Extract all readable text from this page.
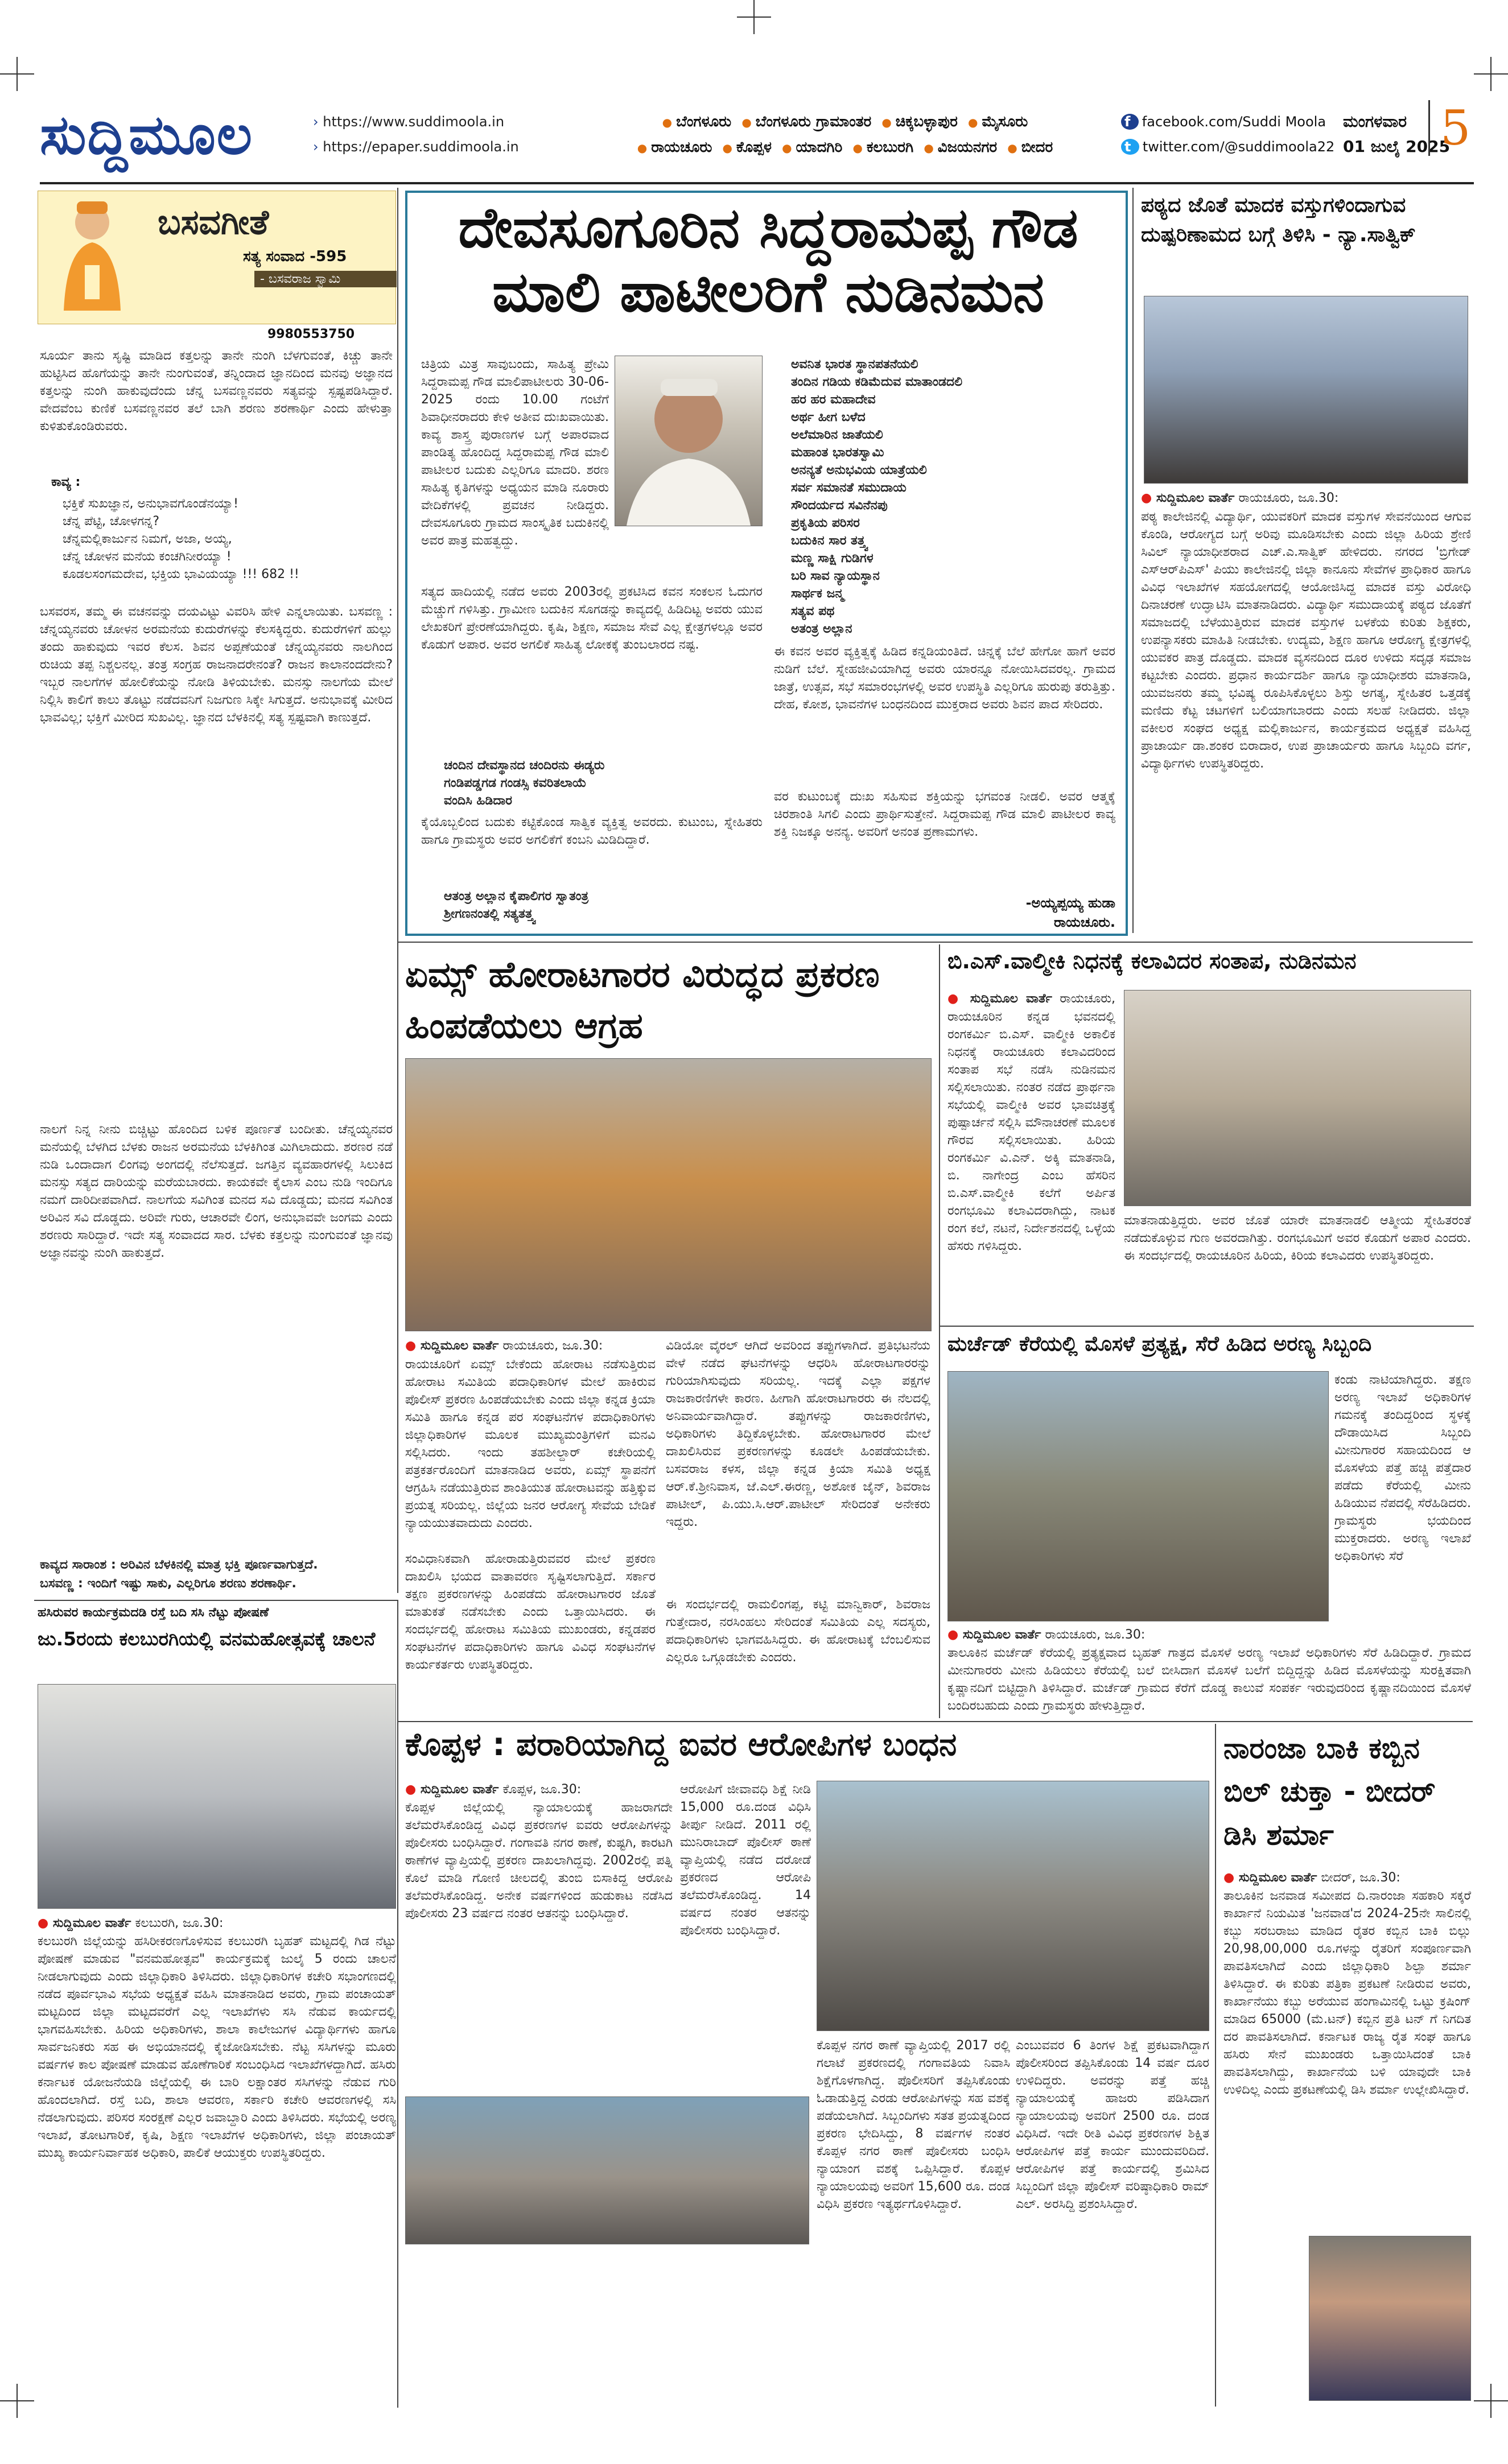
ಸುದ್ದಿಮೂಲ	› https://www.suddimoola.in
› https://epaper.suddimoola.in
● ಬೆಂಗಳೂರು ● ಬೆಂಗಳೂರು ಗ್ರಾಮಾಂತರ ● ಚಿಕ್ಕಬಳ್ಳಾಪುರ ● ಮೈಸೂರು
● ರಾಯಚೂರು ● ಕೊಪ್ಪಳ ● ಯಾದಗಿರಿ ● ಕಲಬುರಗಿ ● ವಿಜಯನಗರ ● ಬೀದರ
f facebook.com/Suddi Moola
t twitter.com/@suddimoola22
ಮಂಗಳವಾರ
01 ಜುಲೈ 2025
5
ಬಸವಗೀತೆ
ಸತ್ಯ ಸಂವಾದ -595
- ಬಸವರಾಜ ಸ್ವಾಮಿ
9980553750
ಸೂರ್ಯ ತಾನು ಸೃಷ್ಟಿ ಮಾಡಿದ ಕತ್ತಲನ್ನು ತಾನೇ ನುಂಗಿ ಬೆಳಗುವಂತೆ, ಕಿಚ್ಚು ತಾನೇ ಹುಟ್ಟಿಸಿದ ಹೊಗೆಯನ್ನು ತಾನೇ ನುಂಗುವಂತೆ, ತನ್ನಿಂದಾದ ಜ್ಞಾನದಿಂದ ಮನವು ಅಜ್ಞಾನದ ಕತ್ತಲನ್ನು ನುಂಗಿ ಹಾಕುವುದೆಂದು ಚೆನ್ನ ಬಸವಣ್ಣನವರು ಸತ್ಯವನ್ನು ಸ್ಪಷ್ಟಪಡಿಸಿದ್ದಾರೆ. ವೇದವೆಂಬ ಕುಣಿಕೆ ಬಸವಣ್ಣನವರ ತಲೆ ಬಾಗಿ ಶರಣು ಶರಣಾರ್ಥಿ ಎಂದು ಹೇಳುತ್ತಾ ಕುಳಿತುಕೊಂಡಿರುವರು.
ಕಾವ್ಯ :
ಭಕ್ತಿಕೆ ಸುಖಜ್ಞಾನ, ಅನುಭಾವಗೊಂಡೆನಯ್ಯಾ!
ಚೆನ್ನ ಪೆಟ್ಟಿ, ಚೋಳಗನ್ನ?
ಚೆನ್ನಮಲ್ಲಿಕಾರ್ಜುನ ನಿಮಗೆ, ಅಜಾ, ಅಯ್ಯ,
ಚೆನ್ನ ಚೋಳನ ಮನೆಯ ಕಂಚಗಿನೀರಯ್ಯಾ !
ಕೂಡಲಸಂಗಮದೇವ, ಭಕ್ತಿಯ ಭಾವಿಯಯ್ಯಾ !!! 682 !!
ಬಸವರಸ, ತಮ್ಮ ಈ ವಚನವನ್ನು ದಯವಿಟ್ಟು ವಿವರಿಸಿ ಹೇಳಿ ಎನ್ನಲಾಯಿತು. ಬಸವಣ್ಣ : ಚೆನ್ನಯ್ಯನವರು ಚೋಳನ ಅರಮನೆಯ ಕುದುರೆಗಳನ್ನು ಕೆಲಸಕ್ಕಿದ್ದರು. ಕುದುರೆಗಳಿಗೆ ಹುಲ್ಲು ತಂದು ಹಾಕುವುದು ಇವರ ಕೆಲಸ. ಶಿವನ ಅಪ್ಪಣೆಯಂತೆ ಚೆನ್ನಯ್ಯನವರು ನಾಲಗಿಂದ ರುಚಿಯ ತಪ್ಪ ನಿಶ್ಚಲನಲ್ಲ. ತಂತ್ರ ಸಂಗ್ರಹ ರಾಜನಾದರೇನಂತೆ? ರಾಜನ ಕಾಲಾನಂದದೇನು? ಇಬ್ಬರ ನಾಲಗೆಗಳ ಹೋಲಿಕೆಯನ್ನು ನೋಡಿ ತಿಳಿಯಬೇಕು. ಮನಸ್ಸು ನಾಲಗೆಯ ಮೇಲೆ ನಿಲ್ಲಿಸಿ ಕಾಲಿಗೆ ಕಾಲು ತೊಟ್ಟು ನಡೆದವನಿಗೆ ನಿಜಗುಣ ಸಿಕ್ಕೇ ಸಿಗುತ್ತದೆ. ಅನುಭಾವಕ್ಕೆ ಮೀರಿದ ಭಾವವಿಲ್ಲ; ಭಕ್ತಿಗೆ ಮೀರಿದ ಸುಖವಿಲ್ಲ. ಜ್ಞಾನದ ಬೆಳಕಿನಲ್ಲಿ ಸತ್ಯ ಸ್ಪಷ್ಟವಾಗಿ ಕಾಣುತ್ತದೆ.
ನಾಲಗೆ ನಿನ್ನ ನೀನು ಬಿಚ್ಚಿಟ್ಟು ಹೊಂದಿದ ಬಳಿಕ ಪೂರ್ಣತೆ ಬಂದೀತು. ಚೆನ್ನಯ್ಯನವರ ಮನೆಯಲ್ಲಿ ಬೆಳಗಿದ ಬೆಳಕು ರಾಜನ ಅರಮನೆಯ ಬೆಳಕಿಗಿಂತ ಮಿಗಿಲಾದುದು. ಶರಣರ ನಡೆ ನುಡಿ ಒಂದಾದಾಗ ಲಿಂಗವು ಅಂಗದಲ್ಲಿ ನೆಲೆಸುತ್ತದೆ. ಜಗತ್ತಿನ ವ್ಯವಹಾರಗಳಲ್ಲಿ ಸಿಲುಕಿದ ಮನಸ್ಸು ಸತ್ಯದ ದಾರಿಯನ್ನು ಮರೆಯಬಾರದು. ಕಾಯಕವೇ ಕೈಲಾಸ ಎಂಬ ನುಡಿ ಇಂದಿಗೂ ನಮಗೆ ದಾರಿದೀಪವಾಗಿದೆ. ನಾಲಗೆಯ ಸವಿಗಿಂತ ಮನದ ಸವಿ ದೊಡ್ಡದು; ಮನದ ಸವಿಗಿಂತ ಅರಿವಿನ ಸವಿ ದೊಡ್ಡದು. ಅರಿವೇ ಗುರು, ಆಚಾರವೇ ಲಿಂಗ, ಅನುಭಾವವೇ ಜಂಗಮ ಎಂದು ಶರಣರು ಸಾರಿದ್ದಾರೆ. ಇದೇ ಸತ್ಯ ಸಂವಾದದ ಸಾರ. ಬೆಳಕು ಕತ್ತಲನ್ನು ನುಂಗುವಂತೆ ಜ್ಞಾನವು ಅಜ್ಞಾನವನ್ನು ನುಂಗಿ ಹಾಕುತ್ತದೆ.
ಕಾವ್ಯದ ಸಾರಾಂಶ : ಅರಿವಿನ ಬೆಳಕಿನಲ್ಲಿ ಮಾತ್ರ ಭಕ್ತಿ ಪೂರ್ಣವಾಗುತ್ತದೆ.
ಬಸವಣ್ಣ : ಇಂದಿಗೆ ಇಷ್ಟು ಸಾಕು, ಎಲ್ಲರಿಗೂ ಶರಣು ಶರಣಾರ್ಥಿ.
ದೇವಸೂಗೂರಿನ ಸಿದ್ದರಾಮಪ್ಪ ಗೌಡ ಮಾಲಿ ಪಾಟೀಲರಿಗೆ ನುಡಿನಮನ
ಚಿತ್ರಿಯ ಮಿತ್ರ ಸಾವುಬಂದು, ಸಾಹಿತ್ಯ ಪ್ರೇಮಿ ಸಿದ್ದರಾಮಪ್ಪ ಗೌಡ ಮಾಲಿಪಾಟೀಲರು 30-06-2025 ರಂದು 10.00 ಗಂಟೆಗೆ ಶಿವಾಧೀನರಾದರು ಕೇಳಿ ಅತೀವ ದುಃಖವಾಯಿತು. ಕಾವ್ಯ ಶಾಸ್ತ್ರ ಪುರಾಣಗಳ ಬಗ್ಗೆ ಅಪಾರವಾದ ಪಾಂಡಿತ್ಯ ಹೊಂದಿದ್ದ ಸಿದ್ದರಾಮಪ್ಪ ಗೌಡ ಮಾಲಿ ಪಾಟೀಲರ ಬದುಕು ಎಲ್ಲರಿಗೂ ಮಾದರಿ. ಶರಣ ಸಾಹಿತ್ಯ ಕೃತಿಗಳನ್ನು ಅಧ್ಯಯನ ಮಾಡಿ ನೂರಾರು ವೇದಿಕೆಗಳಲ್ಲಿ ಪ್ರವಚನ ನೀಡಿದ್ದರು. ದೇವಸೂಗೂರು ಗ್ರಾಮದ ಸಾಂಸ್ಕೃತಿಕ ಬದುಕಿನಲ್ಲಿ ಅವರ ಪಾತ್ರ ಮಹತ್ವದ್ದು.
ಸತ್ಯದ ಹಾದಿಯಲ್ಲಿ ನಡೆದ ಅವರು 2003ರಲ್ಲಿ ಪ್ರಕಟಿಸಿದ ಕವನ ಸಂಕಲನ ಓದುಗರ ಮೆಚ್ಚುಗೆ ಗಳಿಸಿತ್ತು. ಗ್ರಾಮೀಣ ಬದುಕಿನ ಸೊಗಡನ್ನು ಕಾವ್ಯದಲ್ಲಿ ಹಿಡಿದಿಟ್ಟ ಅವರು ಯುವ ಲೇಖಕರಿಗೆ ಪ್ರೇರಣೆಯಾಗಿದ್ದರು. ಕೃಷಿ, ಶಿಕ್ಷಣ, ಸಮಾಜ ಸೇವೆ ಎಲ್ಲ ಕ್ಷೇತ್ರಗಳಲ್ಲೂ ಅವರ ಕೊಡುಗೆ ಅಪಾರ. ಅವರ ಅಗಲಿಕೆ ಸಾಹಿತ್ಯ ಲೋಕಕ್ಕೆ ತುಂಬಲಾರದ ನಷ್ಟ.
ಚಂದಿನ ದೇವಸ್ಥಾನದ ಚಂದಿರನು ಈಡ್ಯರು
ಗಂಡಿಪಡ್ಡಗಡ ಗಂಡಸ್ಸಿ ಕವರಿತಲಾಯೆ
ವಂದಿಸಿ ಹಿಡಿದಾರ
ಕೈಯೊಬ್ಬಲಿಂದ ಬದುಕು ಕಟ್ಟಿಕೊಂಡ ಸಾತ್ವಿಕ ವ್ಯಕ್ತಿತ್ವ ಅವರದು. ಕುಟುಂಬ, ಸ್ನೇಹಿತರು ಹಾಗೂ ಗ್ರಾಮಸ್ಥರು ಅವರ ಅಗಲಿಕೆಗೆ ಕಂಬನಿ ಮಿಡಿದಿದ್ದಾರೆ.
ಆತಂತ್ರ ಅಲ್ಲಾನ ಕೈಪಾಲಿಗರ ಸ್ವಾತಂತ್ರ
ಶ್ರೀಗಣನಂತಲ್ಲಿ ಸತ್ಯತತ್ತ್ವ
ಅವನಿತ ಭಾರತ ಸ್ಥಾನಪತನೆಯಲಿ
ತಂದಿನ ಗಡಿಯ ಕಡಿಮೆದುವ ಮಾತಾಂಡದಲಿ
ಹರ ಹರ ಮಹಾದೇವ
ಅರ್ಥ ಹೀಗ ಬಳೆದ
ಅಲೆಮಾರಿನ ಜಾತೆಯಲಿ
ಮಹಾಂತ ಭಾರತಸ್ವಾಮಿ
ಅನನ್ಯತೆ ಅನುಭವಿಯ ಯಾತ್ರೆಯಲಿ
ಸರ್ವ ಸಮಾನತೆ ಸಮುದಾಯ
ಸೌಂದರ್ಯದ ಸವಿನೆನಪು
ಪ್ರಕೃತಿಯ ಪರಿಸರ
ಬದುಕಿನ ಸಾರ ತತ್ತ್ವ
ಮಣ್ಣ ಸಾಕ್ಷಿ ಗುಡಿಗಳ
ಬರಿ ಸಾವ ನ್ಯಾಯಸ್ಥಾನ
ಸಾರ್ಥಕ ಜನ್ಮ
ಸತ್ಯವ ಪಥ
ಅತಂತ್ರ ಅಲ್ಲಾನ
ಈ ಕವನ ಅವರ ವ್ಯಕ್ತಿತ್ವಕ್ಕೆ ಹಿಡಿದ ಕನ್ನಡಿಯಂತಿದೆ. ಚಿನ್ನಕ್ಕೆ ಬೆಲೆ ಹೇಗೋ ಹಾಗೆ ಅವರ ನುಡಿಗೆ ಬೆಲೆ. ಸ್ನೇಹಜೀವಿಯಾಗಿದ್ದ ಅವರು ಯಾರನ್ನೂ ನೋಯಿಸಿದವರಲ್ಲ. ಗ್ರಾಮದ ಜಾತ್ರೆ, ಉತ್ಸವ, ಸಭೆ ಸಮಾರಂಭಗಳಲ್ಲಿ ಅವರ ಉಪಸ್ಥಿತಿ ಎಲ್ಲರಿಗೂ ಹುರುಪು ತರುತ್ತಿತ್ತು. ದೇಹ, ಕೋಶ, ಭಾವನೆಗಳ ಬಂಧನದಿಂದ ಮುಕ್ತರಾದ ಅವರು ಶಿವನ ಪಾದ ಸೇರಿದರು.
ವರ ಕುಟುಂಬಕ್ಕೆ ದುಃಖ ಸಹಿಸುವ ಶಕ್ತಿಯನ್ನು ಭಗವಂತ ನೀಡಲಿ. ಅವರ ಆತ್ಮಕ್ಕೆ ಚಿರಶಾಂತಿ ಸಿಗಲಿ ಎಂದು ಪ್ರಾರ್ಥಿಸುತ್ತೇನೆ. ಸಿದ್ದರಾಮಪ್ಪ ಗೌಡ ಮಾಲಿ ಪಾಟೀಲರ ಕಾವ್ಯ ಶಕ್ತಿ ನಿಜಕ್ಕೂ ಅನನ್ಯ. ಅವರಿಗೆ ಅನಂತ ಪ್ರಣಾಮಗಳು.
-ಅಯ್ಯಪ್ಪಯ್ಯ ಹುಡಾ
ರಾಯಚೂರು.
ಪಠ್ಯದ ಜೊತೆ ಮಾದಕ ವಸ್ತುಗಳಿಂದಾಗುವ ದುಷ್ಪರಿಣಾಮದ ಬಗ್ಗೆ ತಿಳಿಸಿ - ನ್ಯಾ.ಸಾತ್ವಿಕ್
● ಸುದ್ದಿಮೂಲ ವಾರ್ತೆ ರಾಯಚೂರು, ಜೂ.30:
ಪಠ್ಯ ಕಾಲೇಜಿನಲ್ಲಿ ವಿದ್ಯಾರ್ಥಿ, ಯುವಕರಿಗೆ ಮಾದಕ ವಸ್ತುಗಳ ಸೇವನೆಯಿಂದ ಆಗುವ ಕೊಂಡಿ, ಆರೋಗ್ಯದ ಬಗ್ಗೆ ಅರಿವು ಮೂಡಿಸಬೇಕು ಎಂದು ಜಿಲ್ಲಾ ಹಿರಿಯ ಶ್ರೇಣಿ ಸಿವಿಲ್ ನ್ಯಾಯಾಧೀಶರಾದ ಎಚ್.ಎ.ಸಾತ್ವಿಕ್ ಹೇಳಿದರು. ನಗರದ 'ಬ್ರಿಗೇಡ್ ಎಸ್‌ಆರ್‌ಪಿಎಸ್' ಪಿಯು ಕಾಲೇಜಿನಲ್ಲಿ ಜಿಲ್ಲಾ ಕಾನೂನು ಸೇವೆಗಳ ಪ್ರಾಧಿಕಾರ ಹಾಗೂ ವಿವಿಧ ಇಲಾಖೆಗಳ ಸಹಯೋಗದಲ್ಲಿ ಆಯೋಜಿಸಿದ್ದ ಮಾದಕ ವಸ್ತು ವಿರೋಧಿ ದಿನಾಚರಣೆ ಉದ್ಘಾಟಿಸಿ ಮಾತನಾಡಿದರು. ವಿದ್ಯಾರ್ಥಿ ಸಮುದಾಯಕ್ಕೆ ಪಠ್ಯದ ಜೊತೆಗೆ ಸಮಾಜದಲ್ಲಿ ಬೆಳೆಯುತ್ತಿರುವ ಮಾದಕ ವಸ್ತುಗಳ ಬಳಕೆಯ ಕುರಿತು ಶಿಕ್ಷಕರು, ಉಪನ್ಯಾಸಕರು ಮಾಹಿತಿ ನೀಡಬೇಕು. ಉದ್ಯಮ, ಶಿಕ್ಷಣ ಹಾಗೂ ಆರೋಗ್ಯ ಕ್ಷೇತ್ರಗಳಲ್ಲಿ ಯುವಕರ ಪಾತ್ರ ದೊಡ್ಡದು. ಮಾದಕ ವ್ಯಸನದಿಂದ ದೂರ ಉಳಿದು ಸದೃಢ ಸಮಾಜ ಕಟ್ಟಬೇಕು ಎಂದರು. ಪ್ರಧಾನ ಕಾರ್ಯದರ್ಶಿ ಹಾಗೂ ನ್ಯಾಯಾಧೀಶರು ಮಾತನಾಡಿ, ಯುವಜನರು ತಮ್ಮ ಭವಿಷ್ಯ ರೂಪಿಸಿಕೊಳ್ಳಲು ಶಿಸ್ತು ಅಗತ್ಯ, ಸ್ನೇಹಿತರ ಒತ್ತಡಕ್ಕೆ ಮಣಿದು ಕೆಟ್ಟ ಚಟಗಳಿಗೆ ಬಲಿಯಾಗಬಾರದು ಎಂದು ಸಲಹೆ ನೀಡಿದರು. ಜಿಲ್ಲಾ ವಕೀಲರ ಸಂಘದ ಅಧ್ಯಕ್ಷ ಮಲ್ಲಿಕಾರ್ಜುನ, ಕಾರ್ಯಕ್ರಮದ ಅಧ್ಯಕ್ಷತೆ ವಹಿಸಿದ್ದ ಪ್ರಾಚಾರ್ಯ ಡಾ.ಶಂಕರ ಬಿರಾದಾರ, ಉಪ ಪ್ರಾಚಾರ್ಯರು ಹಾಗೂ ಸಿಬ್ಬಂದಿ ವರ್ಗ, ವಿದ್ಯಾರ್ಥಿಗಳು ಉಪಸ್ಥಿತರಿದ್ದರು.
ಏಮ್ಸ್ ಹೋರಾಟಗಾರರ ವಿರುದ್ಧದ ಪ್ರಕರಣ ಹಿಂಪಡೆಯಲು ಆಗ್ರಹ
● ಸುದ್ದಿಮೂಲ ವಾರ್ತೆ ರಾಯಚೂರು, ಜೂ.30:
ರಾಯಚೂರಿಗೆ ಏಮ್ಸ್ ಬೇಕೆಂದು ಹೋರಾಟ ನಡೆಸುತ್ತಿರುವ ಹೋರಾಟ ಸಮಿತಿಯ ಪದಾಧಿಕಾರಿಗಳ ಮೇಲೆ ಹಾಕಿರುವ ಪೊಲೀಸ್ ಪ್ರಕರಣ ಹಿಂಪಡೆಯಬೇಕು ಎಂದು ಜಿಲ್ಲಾ ಕನ್ನಡ ಕ್ರಿಯಾ ಸಮಿತಿ ಹಾಗೂ ಕನ್ನಡ ಪರ ಸಂಘಟನೆಗಳ ಪದಾಧಿಕಾರಿಗಳು ಜಿಲ್ಲಾಧಿಕಾರಿಗಳ ಮೂಲಕ ಮುಖ್ಯಮಂತ್ರಿಗಳಿಗೆ ಮನವಿ ಸಲ್ಲಿಸಿದರು. ಇಂದು ತಹಶೀಲ್ದಾರ್ ಕಚೇರಿಯಲ್ಲಿ ಪತ್ರಕರ್ತರೊಂದಿಗೆ ಮಾತನಾಡಿದ ಅವರು, ಏಮ್ಸ್ ಸ್ಥಾಪನೆಗೆ ಆಗ್ರಹಿಸಿ ನಡೆಯುತ್ತಿರುವ ಶಾಂತಿಯುತ ಹೋರಾಟವನ್ನು ಹತ್ತಿಕ್ಕುವ ಪ್ರಯತ್ನ ಸರಿಯಲ್ಲ. ಜಿಲ್ಲೆಯ ಜನರ ಆರೋಗ್ಯ ಸೇವೆಯ ಬೇಡಿಕೆ ನ್ಯಾಯಯುತವಾದುದು ಎಂದರು.
ಸಂವಿಧಾನಿಕವಾಗಿ ಹೋರಾಡುತ್ತಿರುವವರ ಮೇಲೆ ಪ್ರಕರಣ ದಾಖಲಿಸಿ ಭಯದ ವಾತಾವರಣ ಸೃಷ್ಟಿಸಲಾಗುತ್ತಿದೆ. ಸರ್ಕಾರ ತಕ್ಷಣ ಪ್ರಕರಣಗಳನ್ನು ಹಿಂಪಡೆದು ಹೋರಾಟಗಾರರ ಜೊತೆ ಮಾತುಕತೆ ನಡೆಸಬೇಕು ಎಂದು ಒತ್ತಾಯಿಸಿದರು. ಈ ಸಂದರ್ಭದಲ್ಲಿ ಹೋರಾಟ ಸಮಿತಿಯ ಮುಖಂಡರು, ಕನ್ನಡಪರ ಸಂಘಟನೆಗಳ ಪದಾಧಿಕಾರಿಗಳು ಹಾಗೂ ವಿವಿಧ ಸಂಘಟನೆಗಳ ಕಾರ್ಯಕರ್ತರು ಉಪಸ್ಥಿತರಿದ್ದರು.
ವಿಡಿಯೋ ವೈರಲ್ ಆಗಿದೆ ಅವರಿಂದ ತಪ್ಪುಗಳಾಗಿದೆ. ಪ್ರತಿಭಟನೆಯ ವೇಳೆ ನಡೆದ ಘಟನೆಗಳನ್ನು ಆಧರಿಸಿ ಹೋರಾಟಗಾರರನ್ನು ಗುರಿಯಾಗಿಸುವುದು ಸರಿಯಲ್ಲ. ಇದಕ್ಕೆ ಎಲ್ಲಾ ಪಕ್ಷಗಳ ರಾಜಕಾರಣಿಗಳೇ ಕಾರಣ. ಹೀಗಾಗಿ ಹೋರಾಟಗಾರರು ಈ ನೆಲದಲ್ಲಿ ಅನಿವಾರ್ಯವಾಗಿದ್ದಾರೆ. ತಪ್ಪುಗಳನ್ನು ರಾಜಕಾರಣಿಗಳು, ಅಧಿಕಾರಿಗಳು ತಿದ್ದಿಕೊಳ್ಳಬೇಕು. ಹೋರಾಟಗಾರರ ಮೇಲೆ ದಾಖಲಿಸಿರುವ ಪ್ರಕರಣಗಳನ್ನು ಕೂಡಲೇ ಹಿಂಪಡೆಯಬೇಕು. ಬಸವರಾಜ ಕಳಸ, ಜಿಲ್ಲಾ ಕನ್ನಡ ಕ್ರಿಯಾ ಸಮಿತಿ ಅಧ್ಯಕ್ಷ ಆರ್.ಕೆ.ಶ್ರೀನಿವಾಸ, ಜೆ.ಎಲ್.ಈರಣ್ಣ, ಅಶೋಕ ಜೈನ್, ಶಿವರಾಜ ಪಾಟೀಲ್, ಪಿ.ಯು.ಸಿ.ಆರ್.ಪಾಟೀಲ್ ಸೇರಿದಂತೆ ಅನೇಕರು ಇದ್ದರು.
ಈ ಸಂದರ್ಭದಲ್ಲಿ ರಾಮಲಿಂಗಪ್ಪ, ಕಟ್ಟಿ ಮಾನ್ವಿಕಾರ್, ಶಿವರಾಜ ಗುತ್ತೇದಾರ, ನರಸಿಂಹಲು ಸೇರಿದಂತೆ ಸಮಿತಿಯ ಎಲ್ಲ ಸದಸ್ಯರು, ಪದಾಧಿಕಾರಿಗಳು ಭಾಗವಹಿಸಿದ್ದರು. ಈ ಹೋರಾಟಕ್ಕೆ ಬೆಂಬಲಿಸುವ ಎಲ್ಲರೂ ಒಗ್ಗೂಡಬೇಕು ಎಂದರು.
ಬಿ.ಎಸ್.ವಾಲ್ಮೀಕಿ ನಿಧನಕ್ಕೆ ಕಲಾವಿದರ ಸಂತಾಪ, ನುಡಿನಮನ
● ಸುದ್ದಿಮೂಲ ವಾರ್ತೆ ರಾಯಚೂರು,
ರಾಯಚೂರಿನ ಕನ್ನಡ ಭವನದಲ್ಲಿ ರಂಗಕರ್ಮಿ ಬಿ.ಎಸ್. ವಾಲ್ಮೀಕಿ ಅಕಾಲಿಕ ನಿಧನಕ್ಕೆ ರಾಯಚೂರು ಕಲಾವಿದರಿಂದ ಸಂತಾಪ ಸಭೆ ನಡೆಸಿ ನುಡಿನಮನ ಸಲ್ಲಿಸಲಾಯಿತು. ನಂತರ ನಡೆದ ಪ್ರಾರ್ಥನಾ ಸಭೆಯಲ್ಲಿ ವಾಲ್ಮೀಕಿ ಅವರ ಭಾವಚಿತ್ರಕ್ಕೆ ಪುಷ್ಪಾರ್ಚನೆ ಸಲ್ಲಿಸಿ ಮೌನಾಚರಣೆ ಮೂಲಕ ಗೌರವ ಸಲ್ಲಿಸಲಾಯಿತು. ಹಿರಿಯ ರಂಗಕರ್ಮಿ ವಿ.ಎನ್. ಅಕ್ಕಿ ಮಾತನಾಡಿ, ಬಿ. ನಾಗೇಂದ್ರ ಎಂಬ ಹೆಸರಿನ ಬಿ.ಎಸ್.ವಾಲ್ಮೀಕಿ ಕಲೆಗೆ ಅರ್ಪಿತ ರಂಗಭೂಮಿ ಕಲಾವಿದರಾಗಿದ್ದು, ನಾಟಕ ರಂಗ ಕಲೆ, ನಟನೆ, ನಿರ್ದೇಶನದಲ್ಲಿ ಒಳ್ಳೆಯ ಹೆಸರು ಗಳಿಸಿದ್ದರು.
ಮಾತನಾಡುತ್ತಿದ್ದರು. ಅವರ ಜೊತೆ ಯಾರೇ ಮಾತನಾಡಲಿ ಆತ್ಮೀಯ ಸ್ನೇಹಿತರಂತೆ ನಡೆದುಕೊಳ್ಳುವ ಗುಣ ಅವರದಾಗಿತ್ತು. ರಂಗಭೂಮಿಗೆ ಅವರ ಕೊಡುಗೆ ಅಪಾರ ಎಂದರು. ಈ ಸಂದರ್ಭದಲ್ಲಿ ರಾಯಚೂರಿನ ಹಿರಿಯ, ಕಿರಿಯ ಕಲಾವಿದರು ಉಪಸ್ಥಿತರಿದ್ದರು.
ಮರ್ಚೆಡ್ ಕೆರೆಯಲ್ಲಿ ಮೊಸಳೆ ಪ್ರತ್ಯಕ್ಷ, ಸೆರೆ ಹಿಡಿದ ಅರಣ್ಯ ಸಿಬ್ಬಂದಿ
ಕಂಡು ನಾಟಿಯಾಗಿದ್ದರು. ತಕ್ಷಣ ಅರಣ್ಯ ಇಲಾಖೆ ಅಧಿಕಾರಿಗಳ ಗಮನಕ್ಕೆ ತಂದಿದ್ದರಿಂದ ಸ್ಥಳಕ್ಕೆ ದೌಡಾಯಿಸಿದ ಸಿಬ್ಬಂದಿ ಮೀನುಗಾರರ ಸಹಾಯದಿಂದ ಆ ಮೊಸಳೆಯ ಪತ್ತೆ ಹಚ್ಚಿ ಪತ್ತೆದಾರ ಪಡೆದು ಕೆರೆಯಲ್ಲಿ ಮೀನು ಹಿಡಿಯುವ ನೆಪದಲ್ಲಿ ಸೆರೆಹಿಡಿದರು. ಗ್ರಾಮಸ್ಥರು ಭಯದಿಂದ ಮುಕ್ತರಾದರು. ಅರಣ್ಯ ಇಲಾಖೆ ಅಧಿಕಾರಿಗಳು ಸೆರೆ
● ಸುದ್ದಿಮೂಲ ವಾರ್ತೆ ರಾಯಚೂರು, ಜೂ.30:
ತಾಲೂಕಿನ ಮರ್ಚೆಡ್ ಕೆರೆಯಲ್ಲಿ ಪ್ರತ್ಯಕ್ಷವಾದ ಬೃಹತ್ ಗಾತ್ರದ ಮೊಸಳೆ ಅರಣ್ಯ ಇಲಾಖೆ ಅಧಿಕಾರಿಗಳು ಸೆರೆ ಹಿಡಿದಿದ್ದಾರೆ. ಗ್ರಾಮದ ಮೀನುಗಾರರು ಮೀನು ಹಿಡಿಯಲು ಕೆರೆಯಲ್ಲಿ ಬಲೆ ಬೀಸಿದಾಗ ಮೊಸಳೆ ಬಲೆಗೆ ಬಿದ್ದಿದ್ದನ್ನು ಹಿಡಿದ ಮೊಸಳೆಯನ್ನು ಸುರಕ್ಷಿತವಾಗಿ ಕೃಷ್ಣಾನದಿಗೆ ಬಿಟ್ಟಿದ್ದಾಗಿ ತಿಳಿಸಿದ್ದಾರೆ. ಮರ್ಚೆಡ್ ಗ್ರಾಮದ ಕೆರೆಗೆ ದೊಡ್ಡ ಕಾಲುವೆ ಸಂಪರ್ಕ ಇರುವುದರಿಂದ ಕೃಷ್ಣಾನದಿಯಿಂದ ಮೊಸಳೆ ಬಂದಿರಬಹುದು ಎಂದು ಗ್ರಾಮಸ್ಥರು ಹೇಳುತ್ತಿದ್ದಾರೆ.
ಹಸಿರುವರ ಕಾರ್ಯಕ್ರಮದಡಿ ರಸ್ತೆ ಬದಿ ಸಸಿ ನೆಟ್ಟು ಪೋಷಣೆ
ಜು.5ರಂದು ಕಲಬುರಗಿಯಲ್ಲಿ ವನಮಹೋತ್ಸವಕ್ಕೆ ಚಾಲನೆ
● ಸುದ್ದಿಮೂಲ ವಾರ್ತೆ ಕಲಬುರಗಿ, ಜೂ.30:
ಕಲಬುರಗಿ ಜಿಲ್ಲೆಯನ್ನು ಹಸಿರೀಕರಣಗೊಳಿಸುವ ಕಲಬುರಗಿ ಬೃಹತ್ ಮಟ್ಟದಲ್ಲಿ ಗಿಡ ನೆಟ್ಟು ಪೋಷಣೆ ಮಾಡುವ "ವನಮಹೋತ್ಸವ" ಕಾರ್ಯಕ್ರಮಕ್ಕೆ ಜುಲೈ 5 ರಂದು ಚಾಲನೆ ನೀಡಲಾಗುವುದು ಎಂದು ಜಿಲ್ಲಾಧಿಕಾರಿ ತಿಳಿಸಿದರು. ಜಿಲ್ಲಾಧಿಕಾರಿಗಳ ಕಚೇರಿ ಸಭಾಂಗಣದಲ್ಲಿ ನಡೆದ ಪೂರ್ವಭಾವಿ ಸಭೆಯ ಅಧ್ಯಕ್ಷತೆ ವಹಿಸಿ ಮಾತನಾಡಿದ ಅವರು, ಗ್ರಾಮ ಪಂಚಾಯತ್ ಮಟ್ಟದಿಂದ ಜಿಲ್ಲಾ ಮಟ್ಟದವರೆಗೆ ಎಲ್ಲ ಇಲಾಖೆಗಳು ಸಸಿ ನೆಡುವ ಕಾರ್ಯದಲ್ಲಿ ಭಾಗವಹಿಸಬೇಕು. ಹಿರಿಯ ಅಧಿಕಾರಿಗಳು, ಶಾಲಾ ಕಾಲೇಜುಗಳ ವಿದ್ಯಾರ್ಥಿಗಳು ಹಾಗೂ ಸಾರ್ವಜನಿಕರು ಸಹ ಈ ಅಭಿಯಾನದಲ್ಲಿ ಕೈಜೋಡಿಸಬೇಕು. ನೆಟ್ಟ ಸಸಿಗಳನ್ನು ಮೂರು ವರ್ಷಗಳ ಕಾಲ ಪೋಷಣೆ ಮಾಡುವ ಹೊಣೆಗಾರಿಕೆ ಸಂಬಂಧಿಸಿದ ಇಲಾಖೆಗಳದ್ದಾಗಿದೆ. ಹಸಿರು ಕರ್ನಾಟಕ ಯೋಜನೆಯಡಿ ಜಿಲ್ಲೆಯಲ್ಲಿ ಈ ಬಾರಿ ಲಕ್ಷಾಂತರ ಸಸಿಗಳನ್ನು ನೆಡುವ ಗುರಿ ಹೊಂದಲಾಗಿದೆ. ರಸ್ತೆ ಬದಿ, ಶಾಲಾ ಆವರಣ, ಸರ್ಕಾರಿ ಕಚೇರಿ ಆವರಣಗಳಲ್ಲಿ ಸಸಿ ನೆಡಲಾಗುವುದು. ಪರಿಸರ ಸಂರಕ್ಷಣೆ ಎಲ್ಲರ ಜವಾಬ್ದಾರಿ ಎಂದು ತಿಳಿಸಿದರು. ಸಭೆಯಲ್ಲಿ ಅರಣ್ಯ ಇಲಾಖೆ, ತೋಟಗಾರಿಕೆ, ಕೃಷಿ, ಶಿಕ್ಷಣ ಇಲಾಖೆಗಳ ಅಧಿಕಾರಿಗಳು, ಜಿಲ್ಲಾ ಪಂಚಾಯತ್ ಮುಖ್ಯ ಕಾರ್ಯನಿರ್ವಾಹಕ ಅಧಿಕಾರಿ, ಪಾಲಿಕೆ ಆಯುಕ್ತರು ಉಪಸ್ಥಿತರಿದ್ದರು.
ಕೊಪ್ಪಳ : ಪರಾರಿಯಾಗಿದ್ದ ಐವರ ಆರೋಪಿಗಳ ಬಂಧನ
● ಸುದ್ದಿಮೂಲ ವಾರ್ತೆ ಕೊಪ್ಪಳ, ಜೂ.30:
ಕೊಪ್ಪಳ ಜಿಲ್ಲೆಯಲ್ಲಿ ನ್ಯಾಯಾಲಯಕ್ಕೆ ಹಾಜರಾಗದೇ ತಲೆಮರೆಸಿಕೊಂಡಿದ್ದ ವಿವಿಧ ಪ್ರಕರಣಗಳ ಐವರು ಆರೋಪಿಗಳನ್ನು ಪೊಲೀಸರು ಬಂಧಿಸಿದ್ದಾರೆ. ಗಂಗಾವತಿ ನಗರ ಠಾಣೆ, ಕುಷ್ಟಗಿ, ಕಾರಟಗಿ ಠಾಣೆಗಳ ವ್ಯಾಪ್ತಿಯಲ್ಲಿ ಪ್ರಕರಣ ದಾಖಲಾಗಿದ್ದವು. 2002ರಲ್ಲಿ ಪತ್ನಿ ಕೊಲೆ ಮಾಡಿ ಗೋಣಿ ಚೀಲದಲ್ಲಿ ತುಂಬಿ ಬಿಸಾಕಿದ್ದ ಆರೋಪಿ ತಲೆಮರೆಸಿಕೊಂಡಿದ್ದ. ಅನೇಕ ವರ್ಷಗಳಿಂದ ಹುಡುಕಾಟ ನಡೆಸಿದ ಪೊಲೀಸರು 23 ವರ್ಷದ ನಂತರ ಆತನನ್ನು ಬಂಧಿಸಿದ್ದಾರೆ.
ಆರೋಪಿಗೆ ಜೀವಾವಧಿ ಶಿಕ್ಷೆ ನೀಡಿ 15,000 ರೂ.ದಂಡ ವಿಧಿಸಿ ತೀರ್ಪು ನೀಡಿದೆ. 2011 ರಲ್ಲಿ ಮುನಿರಾಬಾದ್ ಪೊಲೀಸ್ ಠಾಣೆ ವ್ಯಾಪ್ತಿಯಲ್ಲಿ ನಡೆದ ದರೋಡೆ ಪ್ರಕರಣದ ಆರೋಪಿ ತಲೆಮರೆಸಿಕೊಂಡಿದ್ದ. 14 ವರ್ಷದ ನಂತರ ಆತನನ್ನು ಪೊಲೀಸರು ಬಂಧಿಸಿದ್ದಾರೆ.
ಕೊಪ್ಪಳ ನಗರ ಠಾಣೆ ವ್ಯಾಪ್ತಿಯಲ್ಲಿ 2017 ರಲ್ಲಿ ಗಲಾಟೆ ಪ್ರಕರಣದಲ್ಲಿ ಗಂಗಾವತಿಯ ನಿವಾಸಿ ಶಿಕ್ಷೆಗೊಳಗಾಗಿದ್ದ. ಪೊಲೀಸರಿಗೆ ತಪ್ಪಿಸಿಕೊಂಡು ಓಡಾಡುತ್ತಿದ್ದ ಎರಡು ಆರೋಪಿಗಳನ್ನು ಸಹ ವಶಕ್ಕೆ ಪಡೆಯಲಾಗಿದೆ. ಸಿಬ್ಬಂದಿಗಳು ಸತತ ಪ್ರಯತ್ನದಿಂದ ಪ್ರಕರಣ ಭೇದಿಸಿದ್ದು, 8 ವರ್ಷಗಳ ನಂತರ ಕೊಪ್ಪಳ ನಗರ ಠಾಣೆ ಪೊಲೀಸರು ಬಂಧಿಸಿ ನ್ಯಾಯಾಂಗ ವಶಕ್ಕೆ ಒಪ್ಪಿಸಿದ್ದಾರೆ. ಕೊಪ್ಪಳ ನ್ಯಾಯಾಲಯವು ಅವರಿಗೆ 15,600 ರೂ. ದಂಡ ವಿಧಿಸಿ ಪ್ರಕರಣ ಇತ್ಯರ್ಥಗೊಳಿಸಿದ್ದಾರೆ.
ಎಂಬುವವರ 6 ತಿಂಗಳ ಶಿಕ್ಷೆ ಪ್ರಕಟವಾಗಿದ್ದಾಗ ಪೊಲೀಸರಿಂದ ತಪ್ಪಿಸಿಕೊಂಡು 14 ವರ್ಷ ದೂರ ಉಳಿದಿದ್ದರು. ಅವರನ್ನು ಪತ್ತೆ ಹಚ್ಚಿ ನ್ಯಾಯಾಲಯಕ್ಕೆ ಹಾಜರು ಪಡಿಸಿದಾಗ ನ್ಯಾಯಾಲಯವು ಅವರಿಗೆ 2500 ರೂ. ದಂಡ ವಿಧಿಸಿದೆ. ಇದೇ ರೀತಿ ವಿವಿಧ ಪ್ರಕರಣಗಳ ಶಿಕ್ಷಿತ ಆರೋಪಿಗಳ ಪತ್ತೆ ಕಾರ್ಯ ಮುಂದುವರಿದಿದೆ. ಆರೋಪಿಗಳ ಪತ್ತೆ ಕಾರ್ಯದಲ್ಲಿ ಶ್ರಮಿಸಿದ ಸಿಬ್ಬಂದಿಗೆ ಜಿಲ್ಲಾ ಪೊಲೀಸ್ ವರಿಷ್ಠಾಧಿಕಾರಿ ರಾಮ್ ಎಲ್. ಅರಸಿದ್ದಿ ಪ್ರಶಂಸಿಸಿದ್ದಾರೆ.
ನಾರಂಜಾ ಬಾಕಿ ಕಬ್ಬಿನ ಬಿಲ್ ಚುಕ್ತಾ - ಬೀದರ್ ಡಿಸಿ ಶರ್ಮಾ
● ಸುದ್ದಿಮೂಲ ವಾರ್ತೆ ಬೀದರ್, ಜೂ.30:
ತಾಲೂಕಿನ ಜನವಾಡ ಸಮೀಪದ ದಿ.ನಾರಂಜಾ ಸಹಕಾರಿ ಸಕ್ಕರೆ ಕಾರ್ಖಾನೆ ನಿಯಮಿತ 'ಜನವಾಡ'ದ 2024-25ನೇ ಸಾಲಿನಲ್ಲಿ ಕಬ್ಬು ಸರಬರಾಜು ಮಾಡಿದ ರೈತರ ಕಬ್ಬಿನ ಬಾಕಿ ಬಿಲ್ಲು 20,98,00,000 ರೂ.ಗಳನ್ನು ರೈತರಿಗೆ ಸಂಪೂರ್ಣವಾಗಿ ಪಾವತಿಸಲಾಗಿದೆ ಎಂದು ಜಿಲ್ಲಾಧಿಕಾರಿ ಶಿಲ್ಪಾ ಶರ್ಮಾ ತಿಳಿಸಿದ್ದಾರೆ. ಈ ಕುರಿತು ಪತ್ರಿಕಾ ಪ್ರಕಟಣೆ ನೀಡಿರುವ ಅವರು, ಕಾರ್ಖಾನೆಯು ಕಬ್ಬು ಅರೆಯುವ ಹಂಗಾಮಿನಲ್ಲಿ ಒಟ್ಟು ಕ್ರಷಿಂಗ್ ಮಾಡಿದ 65000 (ಮೆ.ಟನ್) ಕಬ್ಬಿನ ಪ್ರತಿ ಟನ್ ಗೆ ನಿಗದಿತ ದರ ಪಾವತಿಸಲಾಗಿದೆ. ಕರ್ನಾಟಕ ರಾಜ್ಯ ರೈತ ಸಂಘ ಹಾಗೂ ಹಸಿರು ಸೇನೆ ಮುಖಂಡರು ಒತ್ತಾಯಿಸಿದಂತೆ ಬಾಕಿ ಪಾವತಿಸಲಾಗಿದ್ದು, ಕಾರ್ಖಾನೆಯ ಬಳಿ ಯಾವುದೇ ಬಾಕಿ ಉಳಿದಿಲ್ಲ ಎಂದು ಪ್ರಕಟಣೆಯಲ್ಲಿ ಡಿಸಿ ಶರ್ಮಾ ಉಲ್ಲೇಖಿಸಿದ್ದಾರೆ.
